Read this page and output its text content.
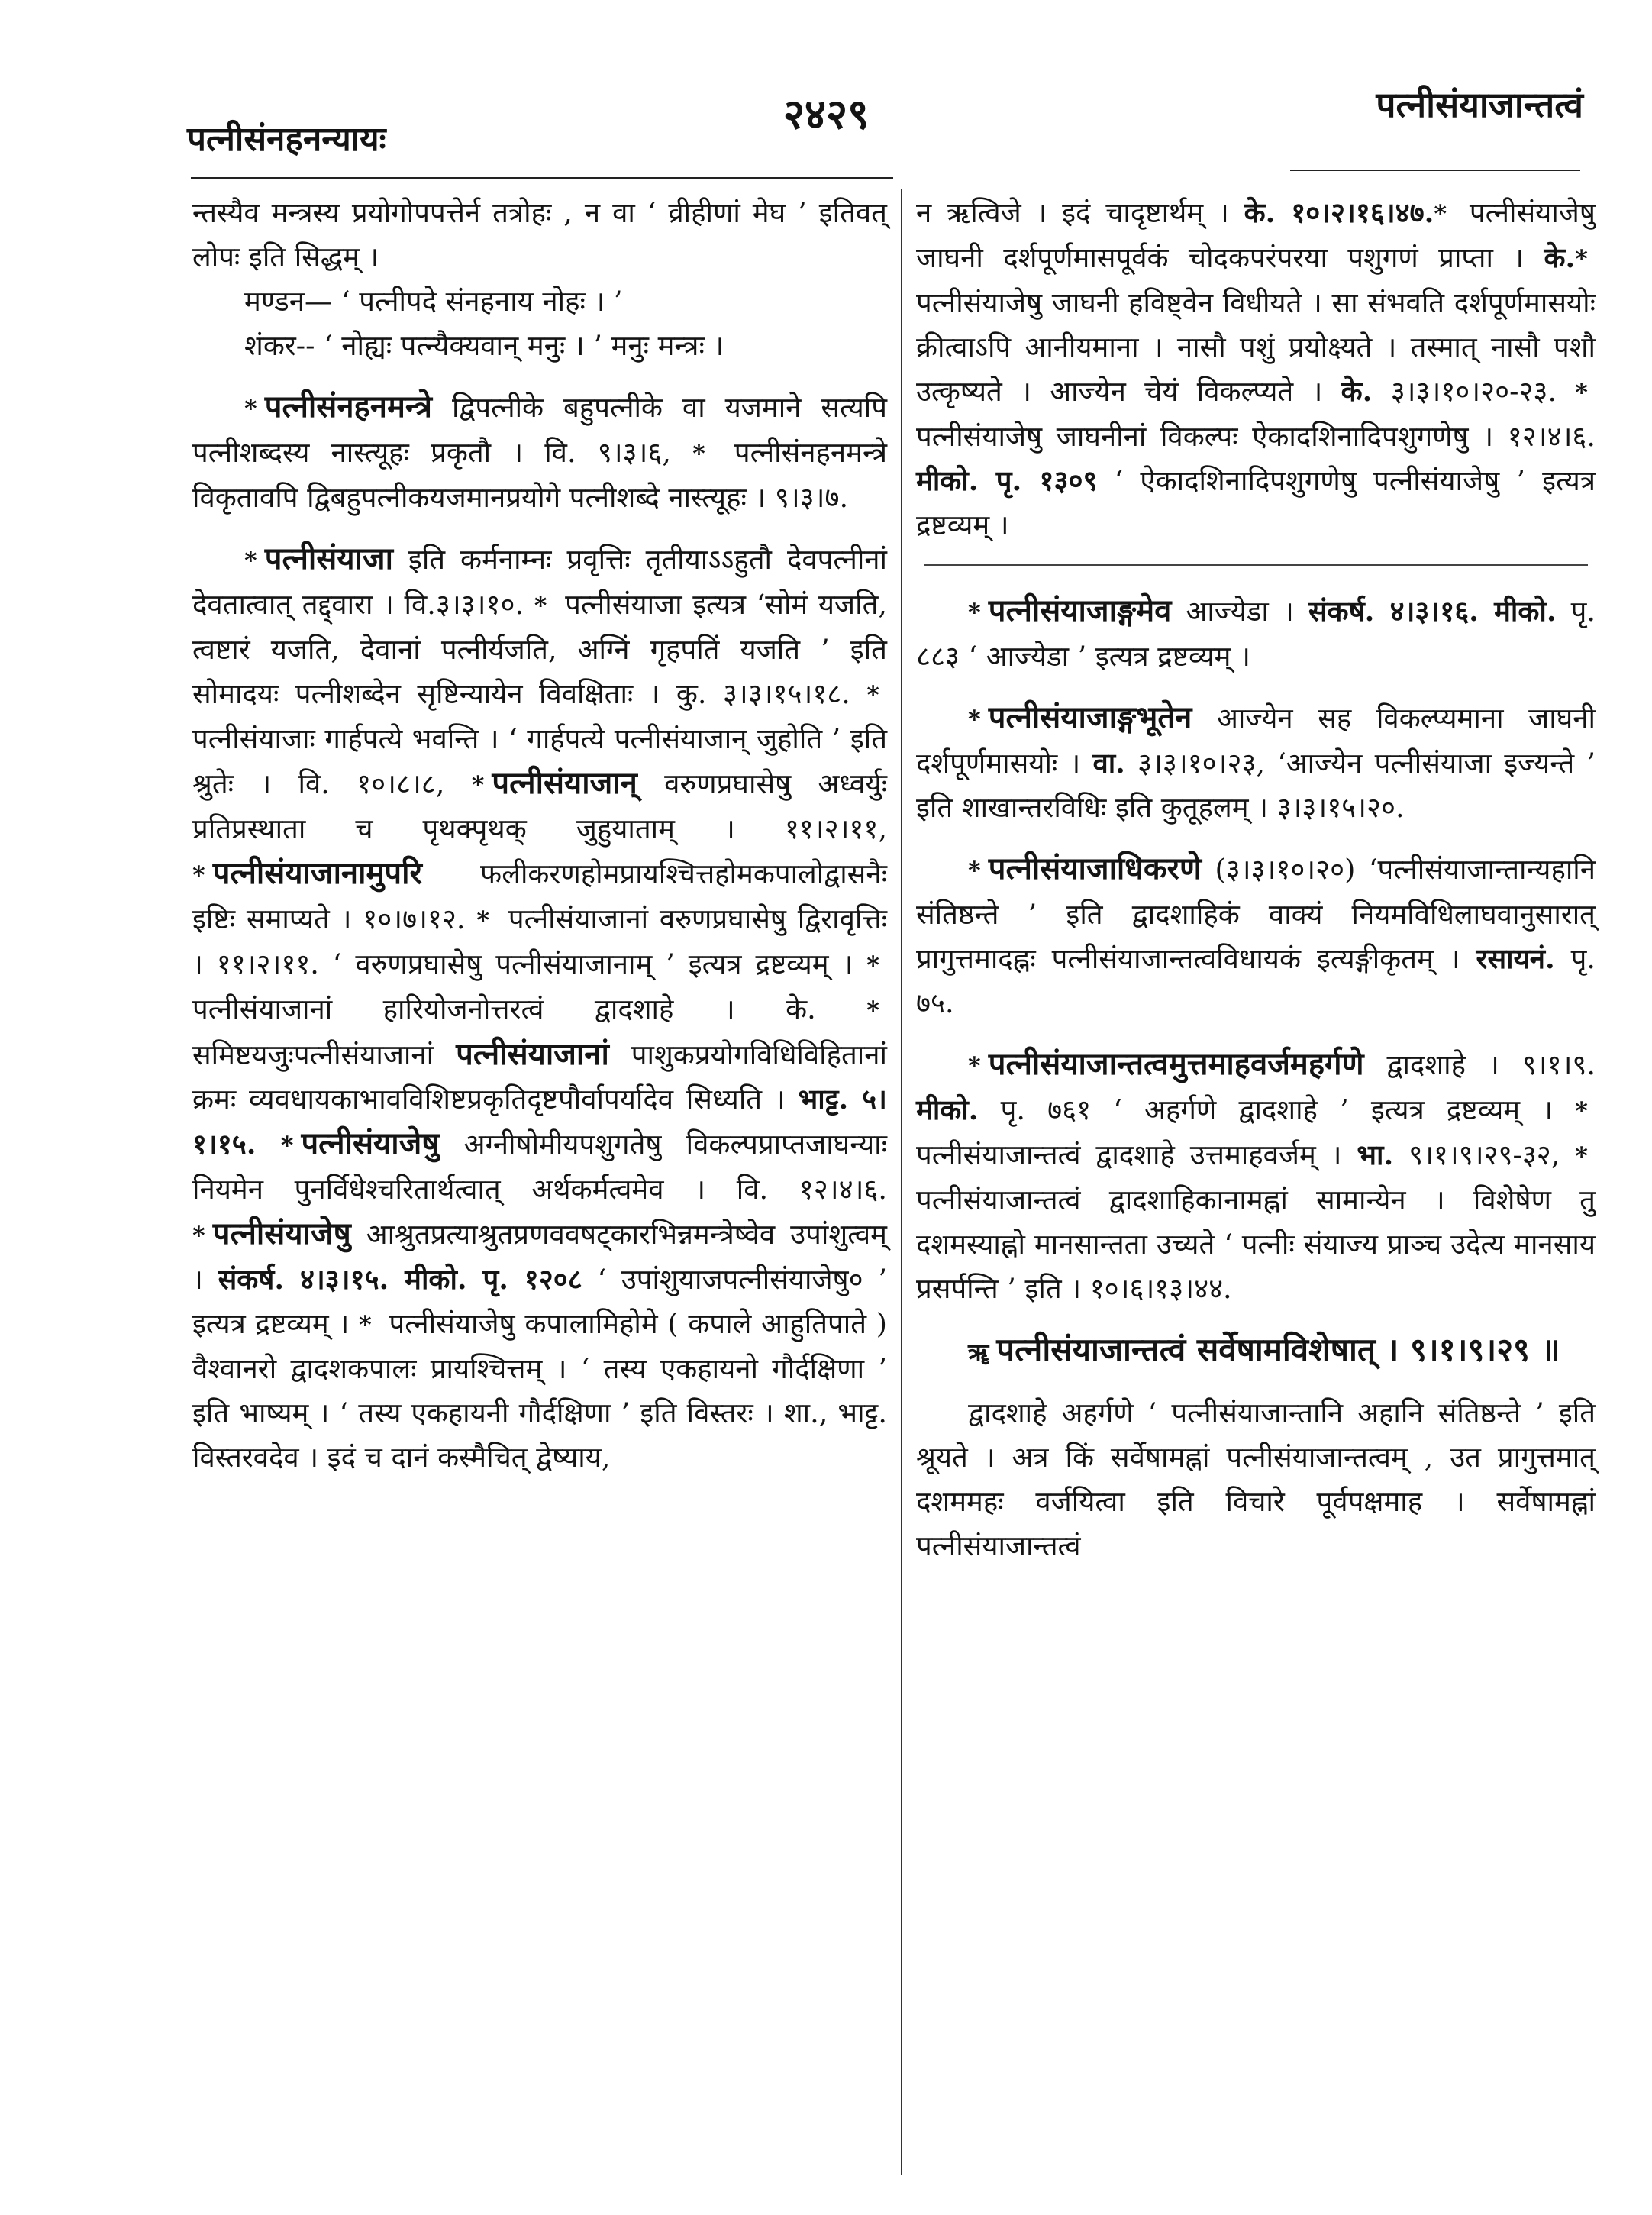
पत्नीसंनहनन्यायः
२४२९	पत्नीसंयाजान्तत्वं

न्तस्यैव मन्त्रस्य प्रयोगोपपत्तेर्न तत्रोहः , न वा ‘ व्रीहीणां मेघ ’ इतिवत् लोपः इति सिद्धम् ।

मण्डन— ‘ पत्नीपदे संनहनाय नोहः । ’

शंकर-- ‘ नोह्यः पत्न्यैक्यवान् मनुः । ’ मनुः मन्त्रः ।

* पत्नीसंनहनमन्त्रे द्विपत्नीके बहुपत्नीके वा यजमाने सत्यपि पत्नीशब्दस्य नास्त्यूहः प्रकृतौ । वि. ९।३।६, * पत्नीसंनहनमन्त्रे विकृतावपि द्विबहुपत्नीकयजमानप्रयोगे पत्नीशब्दे नास्त्यूहः । ९।३।७.

* पत्नीसंयाजा इति कर्मनाम्नः प्रवृत्तिः तृतीयाऽऽहुतौ देवपत्नीनां देवतात्वात् तद्द्वारा । वि.३।३।१०. * पत्नीसंयाजा इत्यत्र ‘सोमं यजति, त्वष्टारं यजति, देवानां पत्नीर्यजति, अग्निं गृहपतिं यजति ’ इति सोमादयः पत्नीशब्देन सृष्टिन्यायेन विवक्षिताः । कु. ३।३।१५।१८. * पत्नीसंयाजाः गार्हपत्ये भवन्ति । ‘ गार्हपत्ये पत्नीसंयाजान् जुहोति ’ इति श्रुतेः । वि. १०।८।८, * पत्नीसंयाजान् वरुणप्रघासेषु अध्वर्युः प्रतिप्रस्थाता च पृथक्पृथक् जुहुयाताम् । ११।२।११, * पत्नीसंयाजानामुपरि फलीकरणहोमप्रायश्चित्तहोमकपालोद्वासनैः इष्टिः समाप्यते । १०।७।१२. * पत्नीसंयाजानां वरुणप्रघासेषु द्विरावृत्तिः । ११।२।११. ‘ वरुणप्रघासेषु पत्नीसंयाजानाम् ’ इत्यत्र द्रष्टव्यम् । * पत्नीसंयाजानां हारियोजनोत्तरत्वं द्वादशाहे । के. * समिष्टयजुःपत्नीसंयाजानां पत्नीसंयाजानां पाशुकप्रयोगविधिविहितानां क्रमः व्यवधायकाभावविशिष्टप्रकृतिदृष्टपौर्वापर्यादेव सिध्यति । भाट्ट. ५।१।१५. * पत्नीसंयाजेषु अग्नीषोमीयपशुगतेषु विकल्पप्राप्तजाघन्याः नियमेन पुनर्विधेश्चरितार्थत्वात् अर्थकर्मत्वमेव । वि. १२।४।६. * पत्नीसंयाजेषु आश्रुतप्रत्याश्रुतप्रणववषट्कारभिन्नमन्त्रेष्वेव उपांशुत्वम् । संकर्ष. ४।३।१५. मीको. पृ. १२०८ ‘ उपांशुयाजपत्नीसंयाजेषु० ’ इत्यत्र द्रष्टव्यम् । * पत्नीसंयाजेषु कपालामिहोमे ( कपाले आहुतिपाते ) वैश्वानरो द्वादशकपालः प्रायश्चित्तम् । ‘ तस्य एकहायनो गौर्दक्षिणा ’ इति भाष्यम् । ‘ तस्य एकहायनी गौर्दक्षिणा ’ इति विस्तरः । शा., भाट्ट. विस्तरवदेव । इदं च दानं कस्मैचित् द्वेष्याय,

न ऋत्विजे । इदं चादृष्टार्थम् । के. १०।२।१६।४७.* पत्नीसंयाजेषु जाघनी दर्शपूर्णमासपूर्वकं चोदकपरंपरया पशुगणं प्राप्ता । के.* पत्नीसंयाजेषु जाघनी हविष्ट्वेन विधीयते । सा संभवति दर्शपूर्णमासयोः क्रीत्वाऽपि आनीयमाना । नासौ पशुं प्रयोक्ष्यते । तस्मात् नासौ पशौ उत्कृष्यते । आज्येन चेयं विकल्प्यते । के. ३।३।१०।२०-२३. * पत्नीसंयाजेषु जाघनीनां विकल्पः ऐकादशिनादिपशुगणेषु । १२।४।६. मीको. पृ. १३०९ ‘ ऐकादशिनादिपशुगणेषु पत्नीसंयाजेषु ’ इत्यत्र द्रष्टव्यम् ।

* पत्नीसंयाजाङ्गमेव आज्येडा । संकर्ष. ४।३।१६. मीको. पृ. ८८३ ‘ आज्येडा ’ इत्यत्र द्रष्टव्यम् ।

* पत्नीसंयाजाङ्गभूतेन आज्येन सह विकल्प्यमाना जाघनी दर्शपूर्णमासयोः । वा. ३।३।१०।२३, ‘आज्येन पत्नीसंयाजा इज्यन्ते ’ इति शाखान्तरविधिः इति कुतूहलम् । ३।३।१५।२०.

* पत्नीसंयाजाधिकरणे (३।३।१०।२०) ‘पत्नीसंयाजान्तान्यहानि संतिष्ठन्ते ’ इति द्वादशाहिकं वाक्यं नियमविधिलाघवानुसारात् प्रागुत्तमादह्नः पत्नीसंयाजान्तत्वविधायकं इत्यङ्गीकृतम् । रसायनं. पृ. ७५.

* पत्नीसंयाजान्तत्वमुत्तमाहवर्जमहर्गणे द्वादशाहे । ९।१।९. मीको. पृ. ७६१ ‘ अहर्गणे द्वादशाहे ’ इत्यत्र द्रष्टव्यम् । * पत्नीसंयाजान्तत्वं द्वादशाहे उत्तमाहवर्जम् । भा. ९।१।९।२९-३२, * पत्नीसंयाजान्तत्वं द्वादशाहिकानामह्नां सामान्येन । विशेषेण तु दशमस्याह्नो मानसान्तता उच्यते ‘ पत्नीः संयाज्य प्राञ्च उदेत्य मानसाय प्रसर्पन्ति ’ इति । १०।६।१३।४४.

ॠ पत्नीसंयाजान्तत्वं सर्वेषामविशेषात् । ९।१।९।२९ ॥

द्वादशाहे अहर्गणे ‘ पत्नीसंयाजान्तानि अहानि संतिष्ठन्ते ’ इति श्रूयते । अत्र किं सर्वेषामह्नां पत्नीसंयाजान्तत्वम् , उत प्रागुत्तमात् दशममहः वर्जयित्वा इति विचारे पूर्वपक्षमाह । सर्वेषामह्नां पत्नीसंयाजान्तत्वं
